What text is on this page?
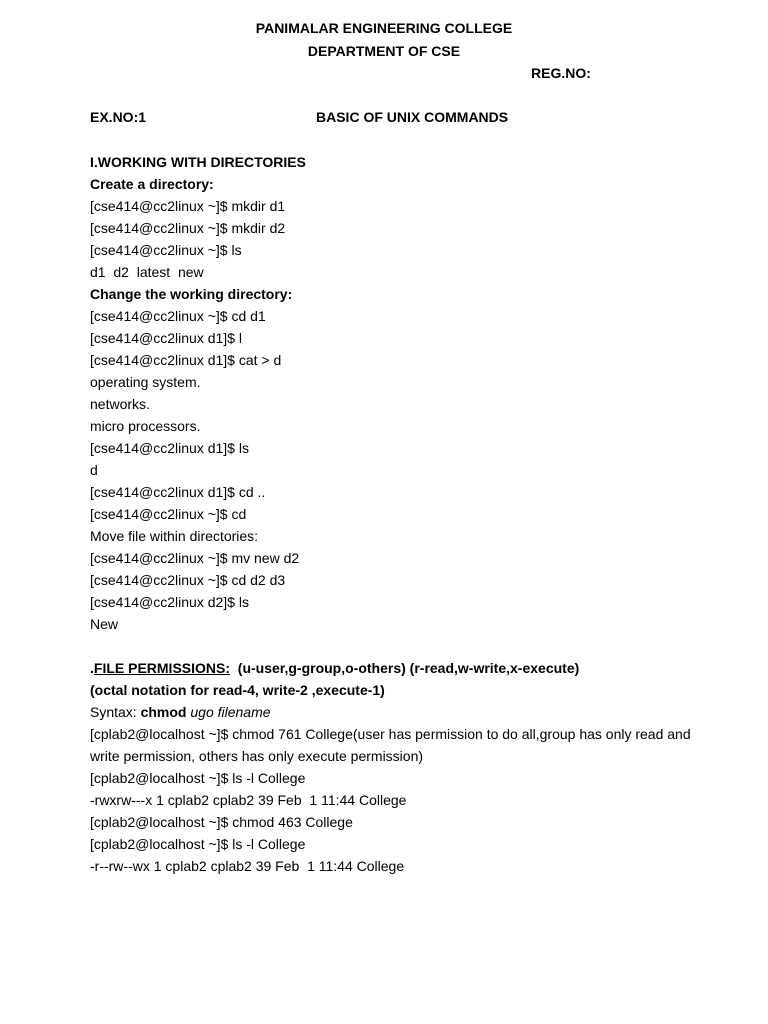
PANIMALAR ENGINEERING COLLEGE
DEPARTMENT OF CSE
REG.NO:
EX.NO:1	BASIC OF UNIX COMMANDS
I.WORKING WITH DIRECTORIES
Create a directory:
[cse414@cc2linux ~]$ mkdir d1
[cse414@cc2linux ~]$ mkdir d2
[cse414@cc2linux ~]$ ls
d1  d2  latest  new
Change the working directory:
[cse414@cc2linux ~]$ cd d1
[cse414@cc2linux d1]$ l
[cse414@cc2linux d1]$ cat > d
operating system.
networks.
micro processors.
[cse414@cc2linux d1]$ ls
d
[cse414@cc2linux d1]$ cd ..
[cse414@cc2linux ~]$ cd
Move file within directories:
[cse414@cc2linux ~]$ mv new d2
[cse414@cc2linux ~]$ cd d2 d3
[cse414@cc2linux d2]$ ls
New
.FILE PERMISSIONS:  (u-user,g-group,o-others) (r-read,w-write,x-execute)
(octal notation for read-4, write-2 ,execute-1)
Syntax: chmod ugo filename
[cplab2@localhost ~]$ chmod 761 College(user has permission to do all,group has only read and write permission, others has only execute permission)
[cplab2@localhost ~]$ ls -l College
-rwxrw---x 1 cplab2 cplab2 39 Feb  1 11:44 College
[cplab2@localhost ~]$ chmod 463 College
[cplab2@localhost ~]$ ls -l College
-r--rw--wx 1 cplab2 cplab2 39 Feb  1 11:44 College
